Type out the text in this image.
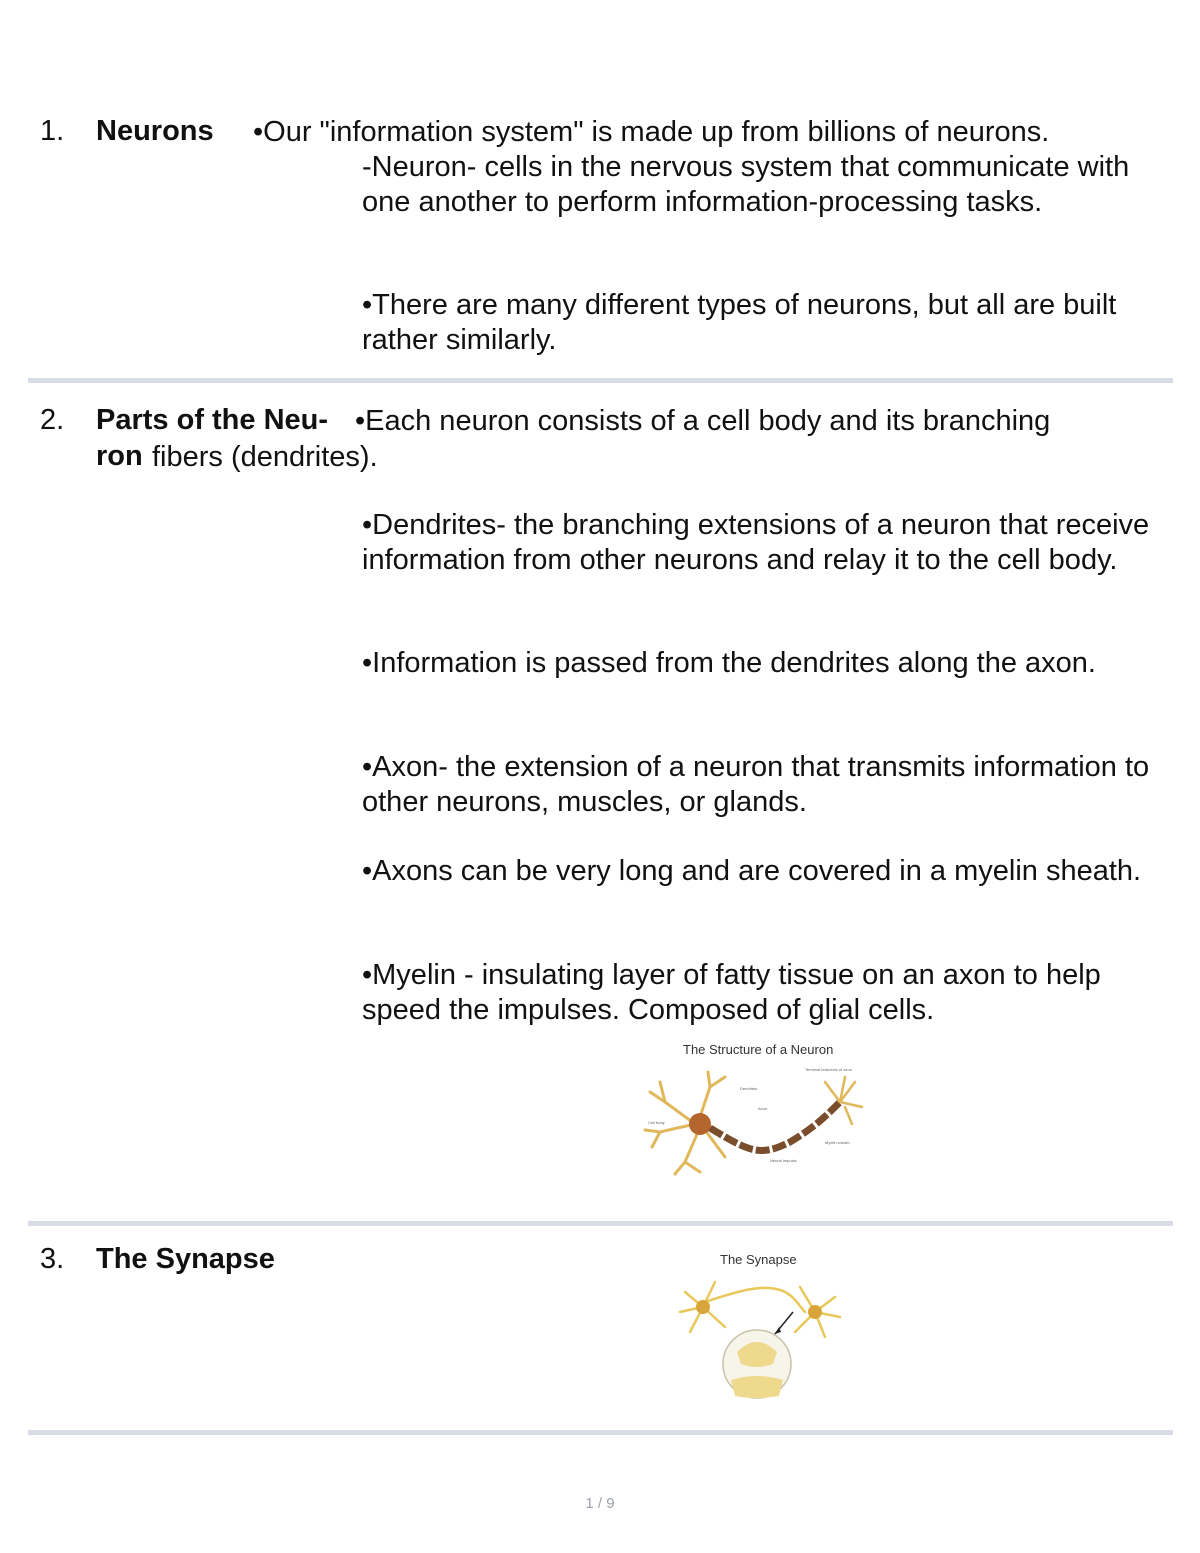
1. Neurons •Our "information system" is made up from billions of neurons.
-Neuron- cells in the nervous system that communicate with one another to perform information-processing tasks.
•There are many different types of neurons, but all are built rather similarly.
2. Parts of the Neu- •Each neuron consists of a cell body and its branching
ron fibers (dendrites).
•Dendrites- the branching extensions of a neuron that receive information from other neurons and relay it to the cell body.
•Information is passed from the dendrites along the axon.
•Axon- the extension of a neuron that transmits information to other neurons, muscles, or glands.
•Axons can be very long and are covered in a myelin sheath.
•Myelin - insulating layer of fatty tissue on an axon to help speed the impulses. Composed of glial cells.
The Structure of a Neuron
Cell body
Dendrites
Axon
Terminal branches of axon
Myelin sheath
Neural impulse
3. The Synapse	The Synapse
1 / 9
